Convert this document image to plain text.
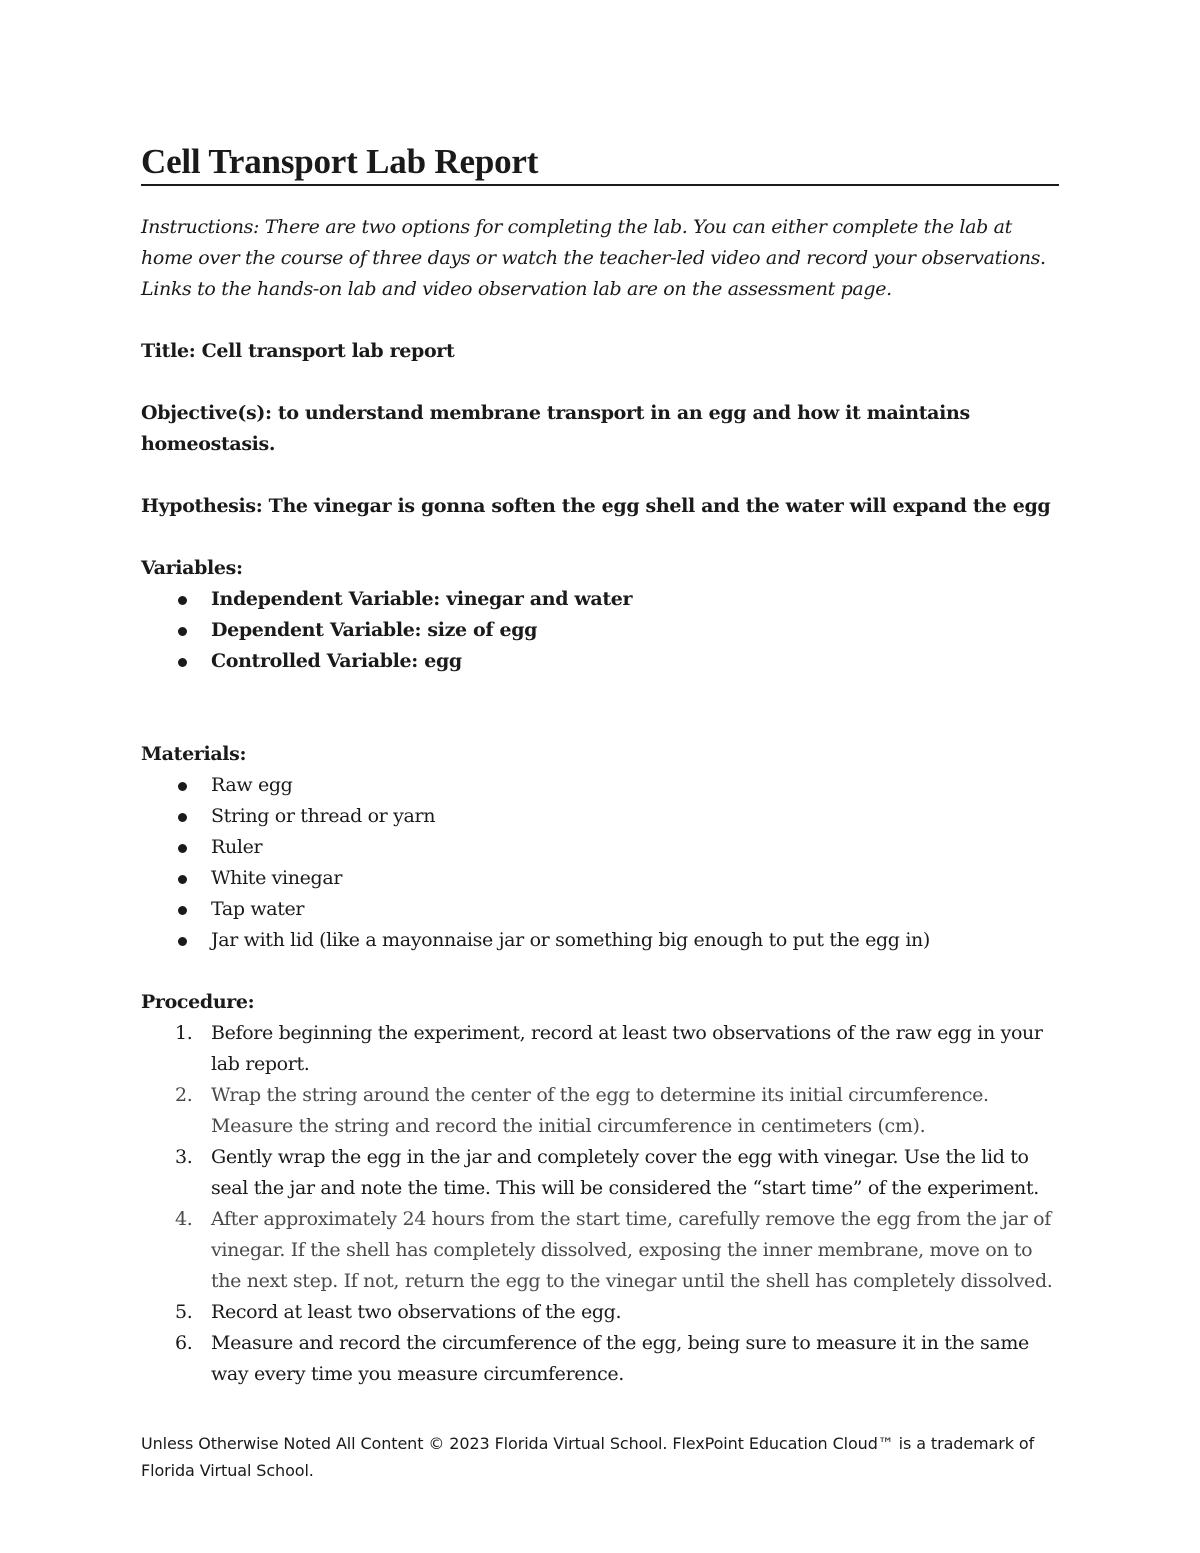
Cell Transport Lab Report

Instructions: There are two options for completing the lab. You can either complete the lab at home over the course of three days or watch the teacher-led video and record your observations. Links to the hands-on lab and video observation lab are on the assessment page.

Title: Cell transport lab report

Objective(s): to understand membrane transport in an egg and how it maintains homeostasis.

Hypothesis: The vinegar is gonna soften the egg shell and the water will expand the egg

Variables:

Independent Variable: vinegar and water
Dependent Variable: size of egg
Controlled Variable: egg

Materials:

Raw egg
String or thread or yarn
Ruler
White vinegar
Tap water
Jar with lid (like a mayonnaise jar or something big enough to put the egg in)

Procedure:

1. Before beginning the experiment, record at least two observations of the raw egg in your lab report.
2. Wrap the string around the center of the egg to determine its initial circumference. Measure the string and record the initial circumference in centimeters (cm).
3. Gently wrap the egg in the jar and completely cover the egg with vinegar. Use the lid to seal the jar and note the time. This will be considered the “start time” of the experiment.
4. After approximately 24 hours from the start time, carefully remove the egg from the jar of vinegar. If the shell has completely dissolved, exposing the inner membrane, move on to the next step. If not, return the egg to the vinegar until the shell has completely dissolved.
5. Record at least two observations of the egg.
6. Measure and record the circumference of the egg, being sure to measure it in the same way every time you measure circumference.
Unless Otherwise Noted All Content © 2023 Florida Virtual School. FlexPoint Education Cloud™ is a trademark of Florida Virtual School.
